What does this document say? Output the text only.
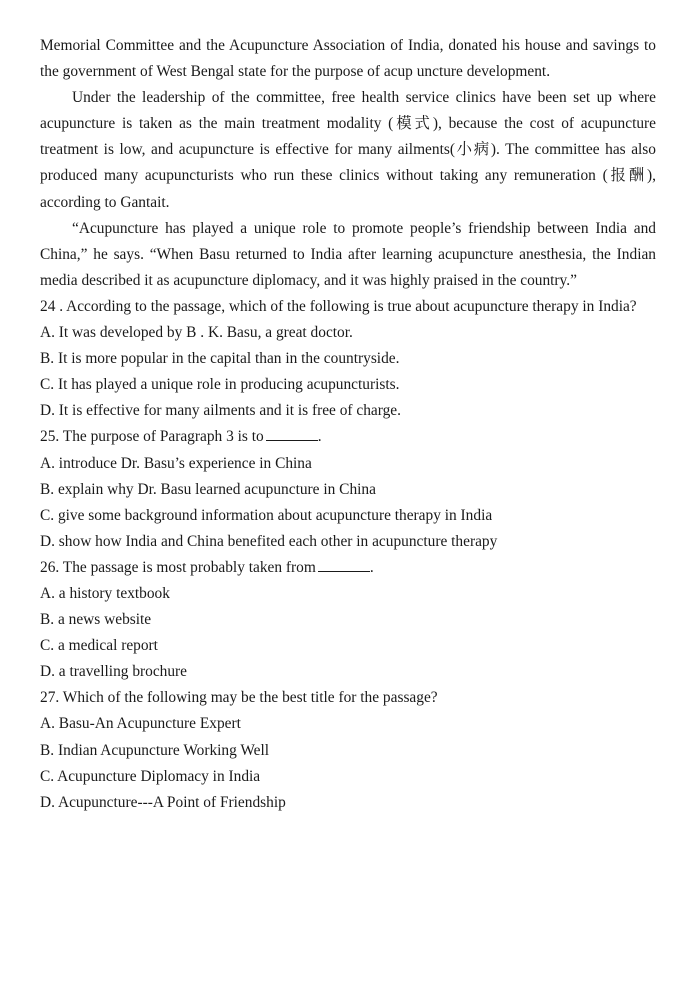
Memorial Committee and the Acupuncture Association of India, donated his house and savings to the government of West Bengal state for the purpose of acup uncture development.

Under the leadership of the committee, free health service clinics have been set up where acupuncture is taken as the main treatment modality (模式), because the cost of acupuncture treatment is low, and acupuncture is effective for many ailments(小病). The committee has also produced many acupuncturists who run these clinics without taking any remuneration (报酬), according to Gantait.

“Acupuncture has played a unique role to promote people’s friendship between India and China,” he says. “When Basu returned to India after learning acupuncture anesthesia, the Indian media described it as acupuncture diplomacy, and it was highly praised in the country.”

24 . According to the passage, which of the following is true about acupuncture therapy in India?

A. It was developed by B . K. Basu, a great doctor.

B. It is more popular in the capital than in the countryside.

C. It has played a unique role in producing acupuncturists.

D. It is effective for many ailments and it is free of charge.

25. The purpose of Paragraph 3 is to	.

A. introduce Dr. Basu’s experience in China

B. explain why Dr. Basu learned acupuncture in China

C. give some background information about acupuncture therapy in India

D. show how India and China benefited each other in acupuncture therapy

26. The passage is most probably taken from	.

A. a history textbook

B. a news website

C. a medical report

D. a travelling brochure

27. Which of the following may be the best title for the passage?

A. Basu-An Acupuncture Expert

B. Indian Acupuncture Working Well

C. Acupuncture Diplomacy in India

D. Acupuncture---A Point of Friendship
